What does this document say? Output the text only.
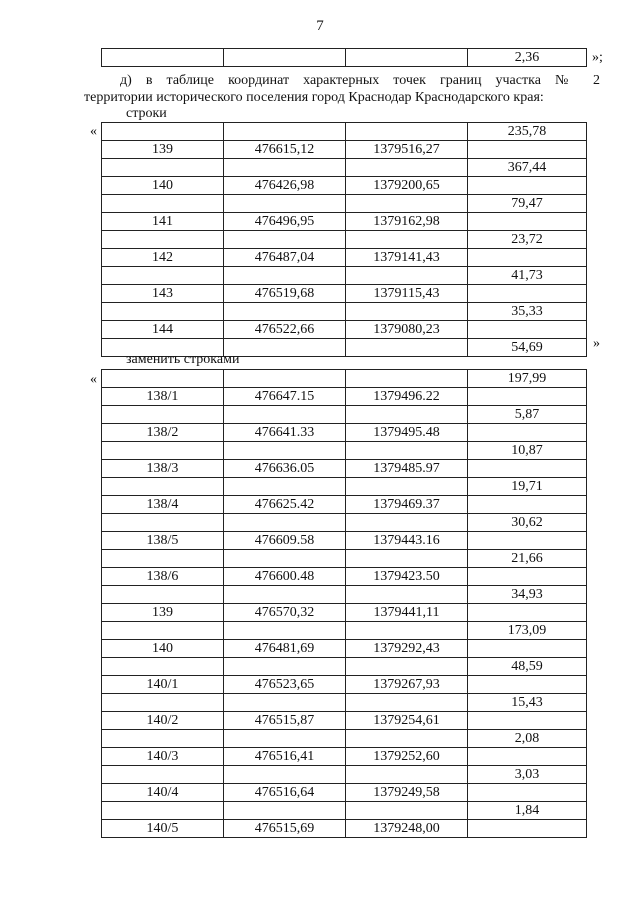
7
			2,36	»;

д) в таблице координат характерных точек границ участка № 2
территории исторического поселения город Краснодар Краснодарского края:

строки
«
				235,78
139	476615,12	1379516,27	
			367,44
140	476426,98	1379200,65	
			79,47
141	476496,95	1379162,98	
			23,72
142	476487,04	1379141,43	
			41,73
143	476519,68	1379115,43	
			35,33
144	476522,66	1379080,23	
			54,69	»
заменить строками
«
				197,99
138/1	476647.15	1379496.22	
			5,87
138/2	476641.33	1379495.48	
			10,87
138/3	476636.05	1379485.97	
			19,71
138/4	476625.42	1379469.37	
			30,62
138/5	476609.58	1379443.16	
			21,66
138/6	476600.48	1379423.50	
			34,93
139	476570,32	1379441,11	
			173,09
140	476481,69	1379292,43	
			48,59
140/1	476523,65	1379267,93	
			15,43
140/2	476515,87	1379254,61	
			2,08
140/3	476516,41	1379252,60	
			3,03
140/4	476516,64	1379249,58	
			1,84
140/5	476515,69	1379248,00	
